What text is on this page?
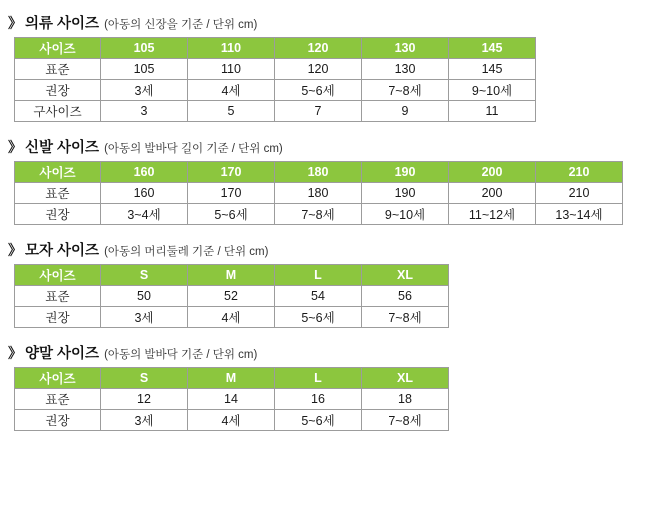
》 의류 사이즈 (아동의 신장을 기준 / 단위 cm)
사이즈	105	110	120	130	145
표준	105	110	120	130	145
권장	3세	4세	5~6세	7~8세	9~10세
구사이즈	3	5	7	9	11
》 신발 사이즈 (아동의 발바닥 길이 기준 / 단위 cm)
사이즈	160	170	180	190	200	210
표준	160	170	180	190	200	210
권장	3~4세	5~6세	7~8세	9~10세	11~12세	13~14세
》 모자 사이즈 (아동의 머리둘레 기준 / 단위 cm)
사이즈	S	M	L	XL
표준	50	52	54	56
권장	3세	4세	5~6세	7~8세
》 양말 사이즈 (아동의 발바닥 기준 / 단위 cm)
사이즈	S	M	L	XL
표준	12	14	16	18
권장	3세	4세	5~6세	7~8세
